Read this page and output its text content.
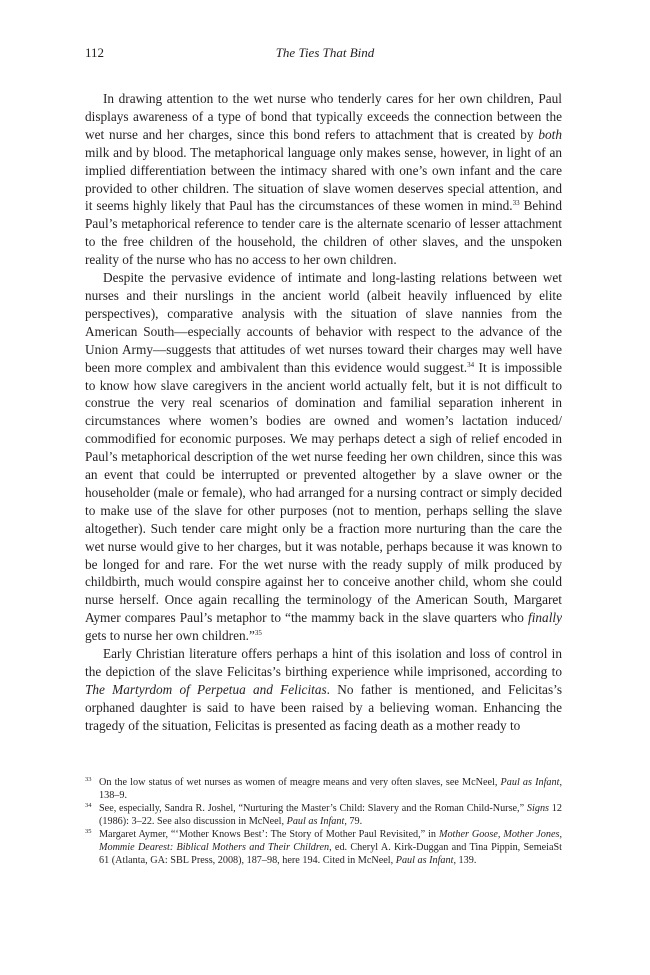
112	The Ties That Bind

In drawing attention to the wet nurse who tenderly cares for her own children, Paul displays awareness of a type of bond that typically exceeds the connection between the wet nurse and her charges, since this bond refers to attachment that is created by both milk and by blood. The metaphorical language only makes sense, however, in light of an implied differentiation between the intimacy shared with one’s own infant and the care provided to other children. The situation of slave women deserves special attention, and it seems highly likely that Paul has the circumstances of these women in mind.$^{33}$ Behind Paul’s metaphorical reference to tender care is the alternate scenario of lesser attachment to the free children of the household, the children of other slaves, and the unspoken reality of the nurse who has no access to her own children.

Despite the pervasive evidence of intimate and long-lasting relations between wet nurses and their nurslings in the ancient world (albeit heavily influenced by elite perspectives), comparative analysis with the situation of slave nannies from the American South—especially accounts of behavior with respect to the advance of the Union Army—suggests that attitudes of wet nurses toward their charges may well have been more complex and ambivalent than this evidence would suggest.$^{34}$ It is impossible to know how slave caregivers in the ancient world actually felt, but it is not difficult to construe the very real scenarios of domination and familial separation inherent in circumstances where women’s bodies are owned and women’s lactation induced/ commodified for economic purposes. We may perhaps detect a sigh of relief encoded in Paul’s metaphorical description of the wet nurse feeding her own children, since this was an event that could be interrupted or prevented altogether by a slave owner or the householder (male or female), who had arranged for a nursing contract or simply decided to make use of the slave for other purposes (not to mention, perhaps selling the slave altogether). Such tender care might only be a fraction more nurturing than the care the wet nurse would give to her charges, but it was notable, perhaps because it was known to be longed for and rare. For the wet nurse with the ready supply of milk produced by childbirth, much would conspire against her to conceive another child, whom she could nurse herself. Once again recalling the terminology of the American South, Margaret Aymer compares Paul’s metaphor to “the mammy back in the slave quarters who finally gets to nurse her own children.”$^{35}$

Early Christian literature offers perhaps a hint of this isolation and loss of control in the depiction of the slave Felicitas’s birthing experience while imprisoned, according to The Martyrdom of Perpetua and Felicitas. No father is mentioned, and Felicitas’s orphaned daughter is said to have been raised by a believing woman. Enhancing the tragedy of the situation, Felicitas is presented as facing death as a mother ready to

33 On the low status of wet nurses as women of meagre means and very often slaves, see McNeel, Paul as Infant, 138–9.
34 See, especially, Sandra R. Joshel, “Nurturing the Master’s Child: Slavery and the Roman Child-Nurse,” Signs 12 (1986): 3–22. See also discussion in McNeel, Paul as Infant, 79.
35 Margaret Aymer, “‘Mother Knows Best’: The Story of Mother Paul Revisited,” in Mother Goose, Mother Jones, Mommie Dearest: Biblical Mothers and Their Children, ed. Cheryl A. Kirk-Duggan and Tina Pippin, SemeiaSt 61 (Atlanta, GA: SBL Press, 2008), 187–98, here 194. Cited in McNeel, Paul as Infant, 139.
